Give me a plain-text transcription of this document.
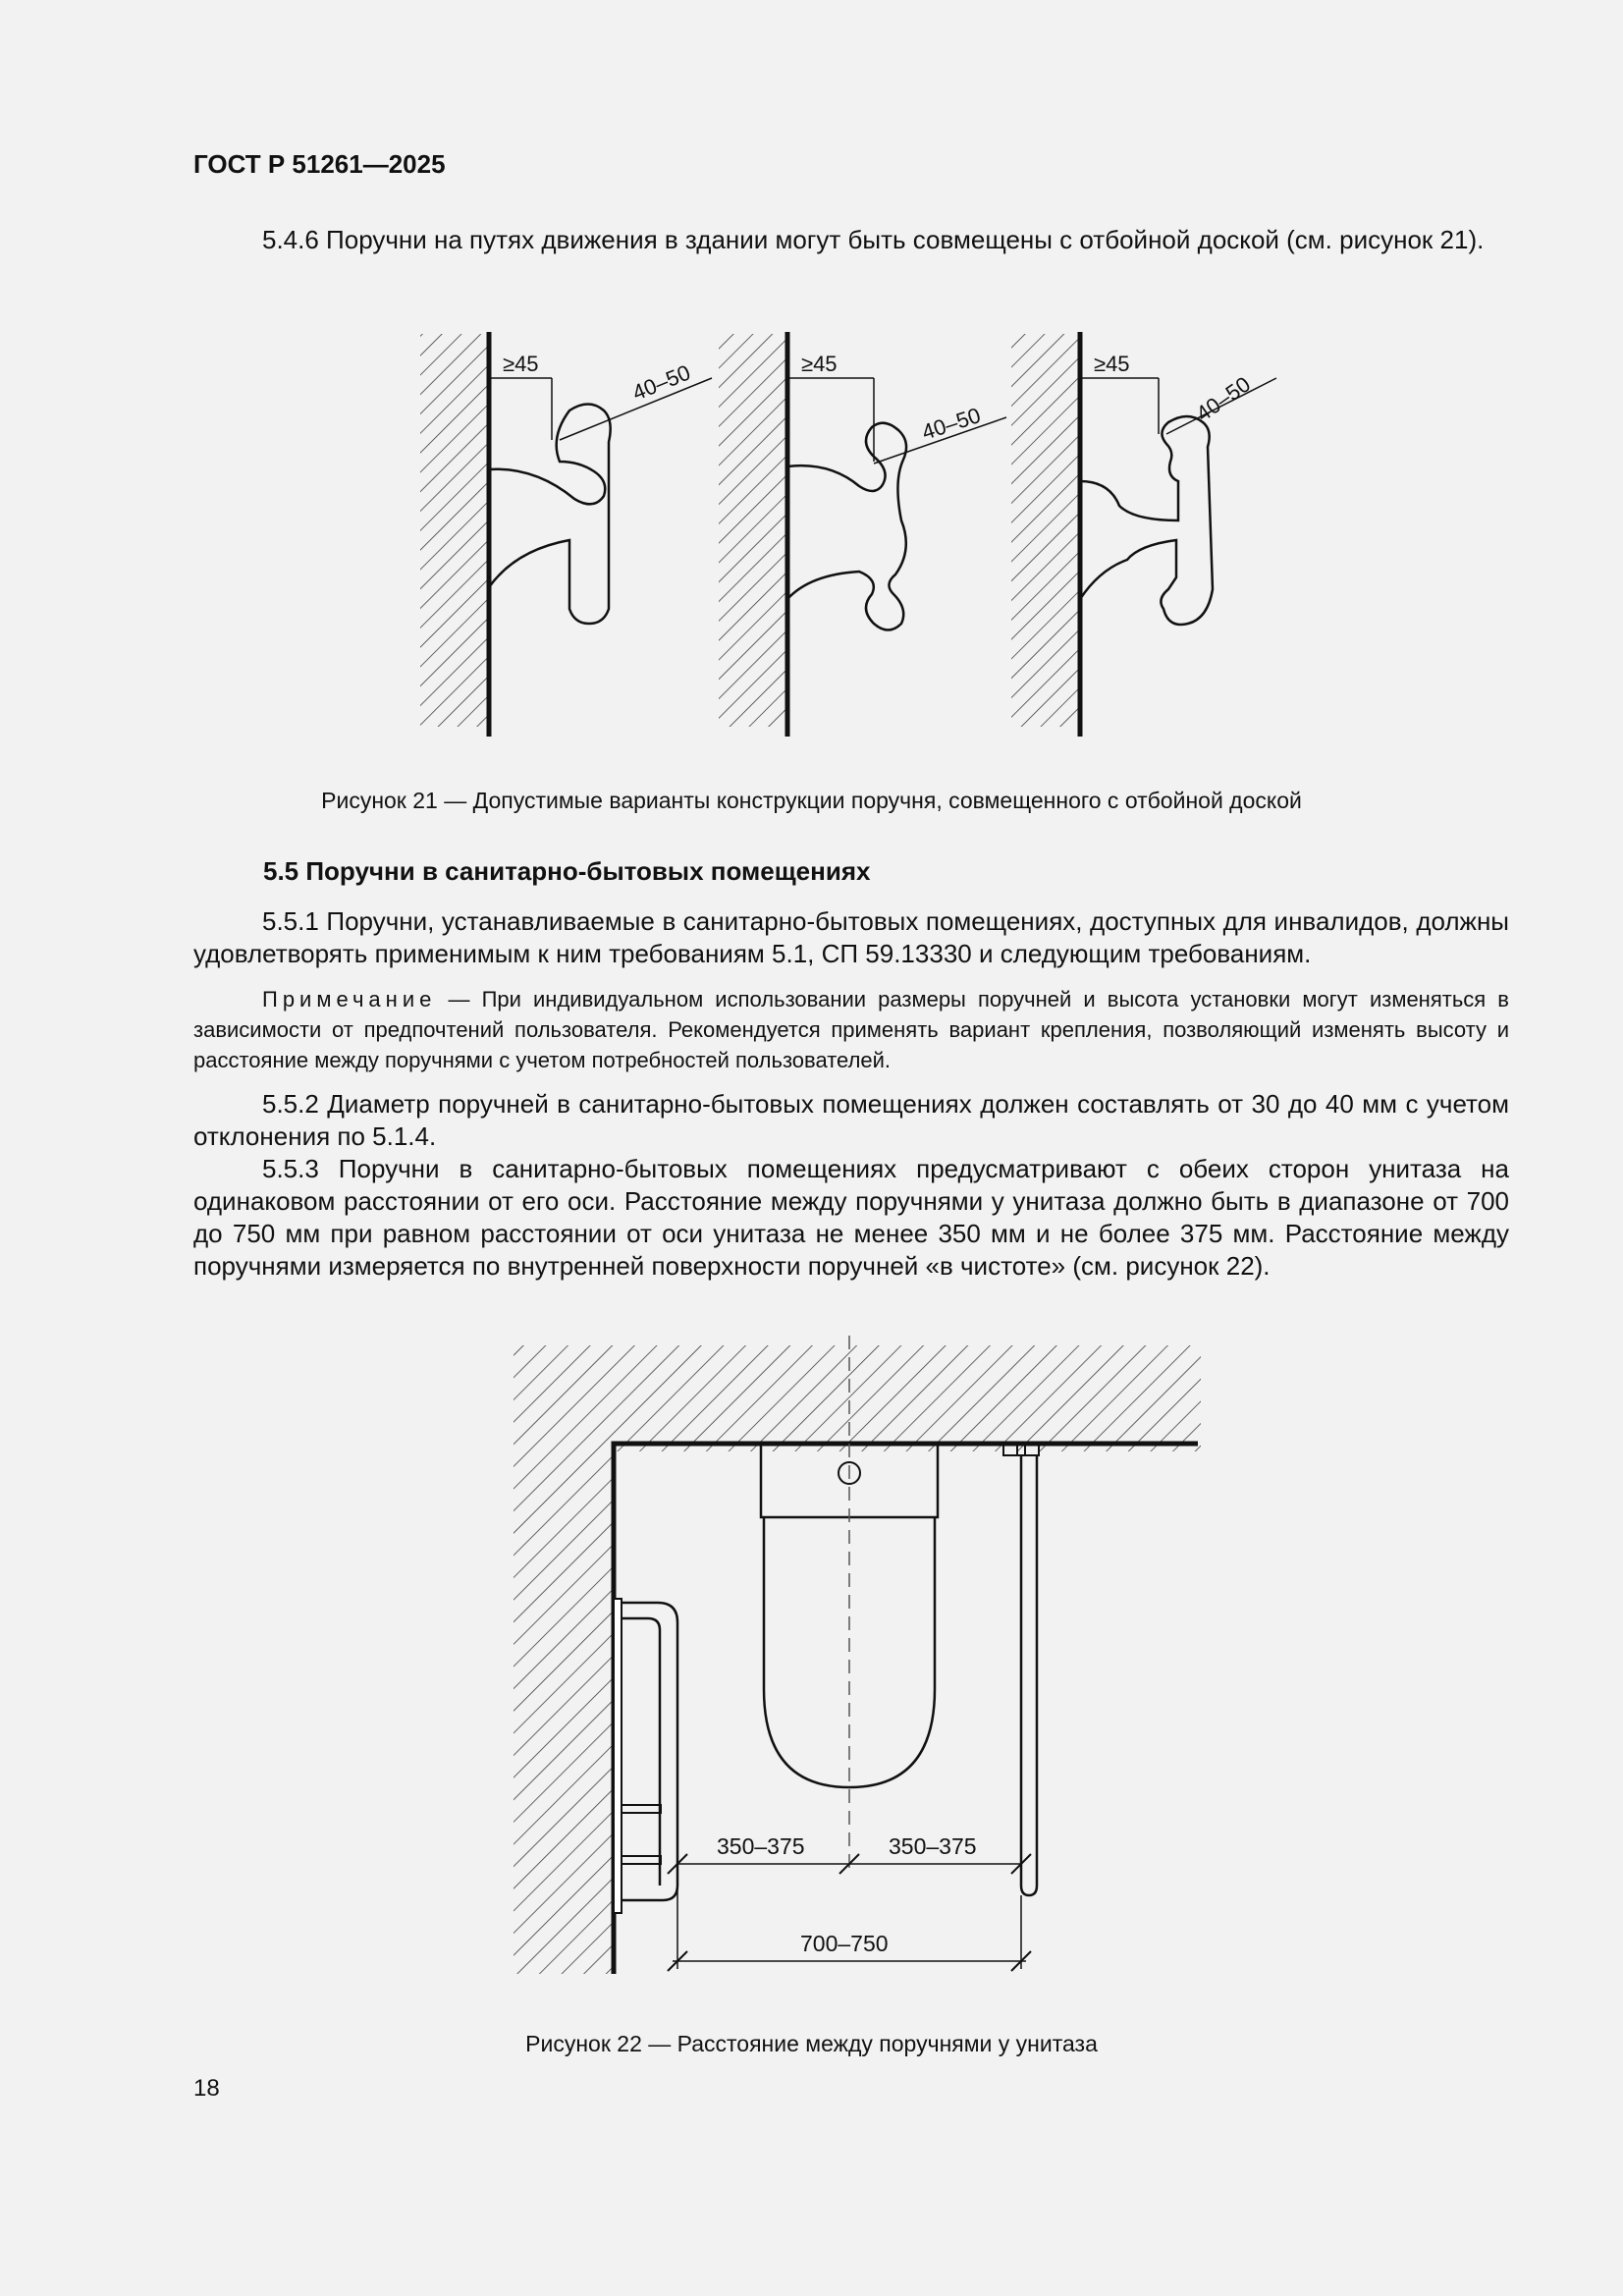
ГОСТ Р 51261—2025
5.4.6 Поручни на путях движения в здании могут быть совмещены с отбойной доской (см. рисунок 21).
≥45	40–50	≥45
40–50
≥45
40–50
Рисунок 21 — Допустимые варианты конструкции поручня, совмещенного с отбойной доской
5.5 Поручни в санитарно-бытовых помещениях
5.5.1 Поручни, устанавливаемые в санитарно-бытовых помещениях, доступных для инвалидов, должны удовлетворять применимым к ним требованиям 5.1, СП 59.13330 и следующим требованиям.
Примечание — При индивидуальном использовании размеры поручней и высота установки могут изменяться в зависимости от предпочтений пользователя. Рекомендуется применять вариант крепления, позволяющий изменять высоту и расстояние между поручнями с учетом потребностей пользователей.
5.5.2 Диаметр поручней в санитарно-бытовых помещениях должен составлять от 30 до 40 мм с учетом отклонения по 5.1.4.
5.5.3 Поручни в санитарно-бытовых помещениях предусматривают с обеих сторон унитаза на одинаковом расстоянии от его оси. Расстояние между поручнями у унитаза должно быть в диапазоне от 700 до 750 мм при равном расстоянии от оси унитаза не менее 350 мм и не более 375 мм. Расстояние между поручнями измеряется по внутренней поверхности поручней «в чистоте» (см. рисунок 22).
350–375	350–375
700–750
Рисунок 22 — Расстояние между поручнями у унитаза
18
